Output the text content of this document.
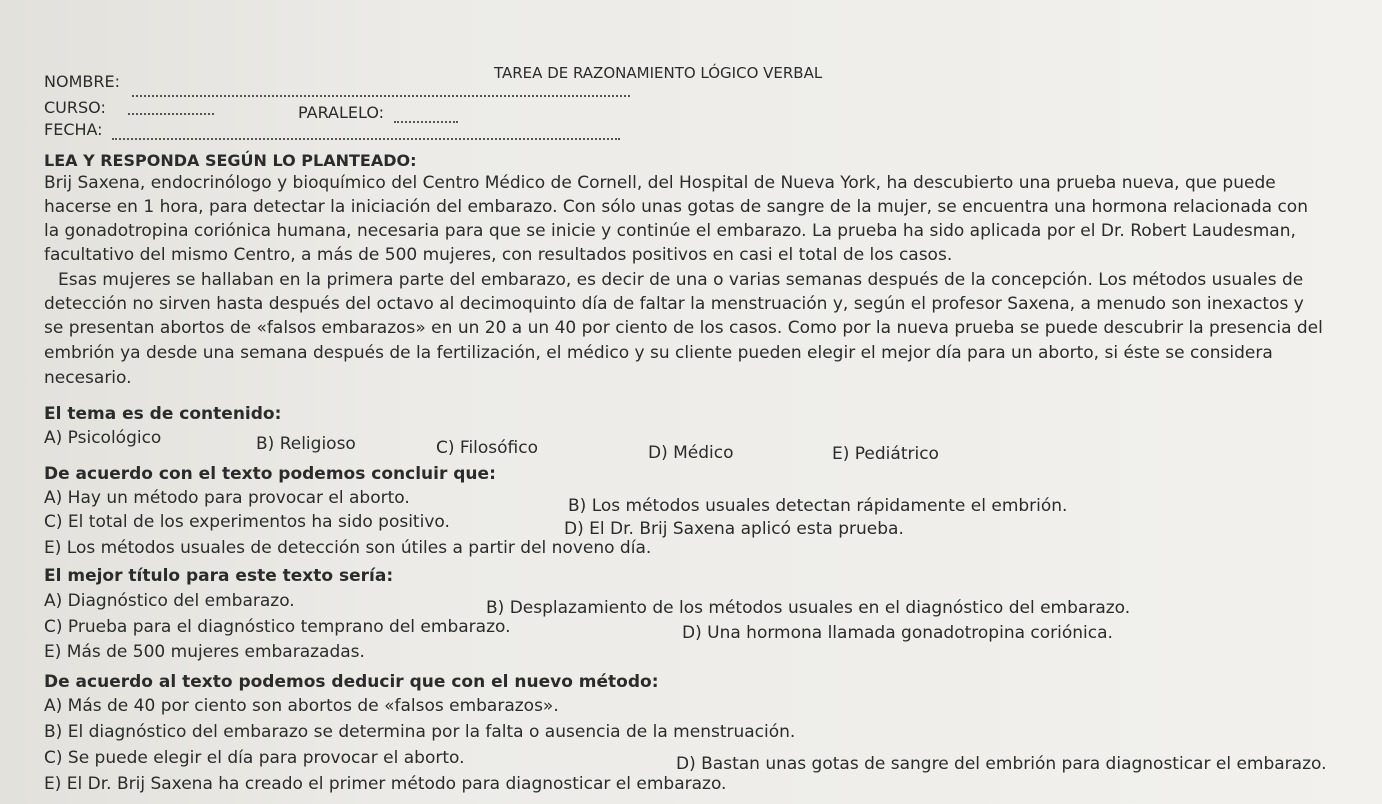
TAREA DE RAZONAMIENTO LÓGICO VERBAL
NOMBRE:
CURSO:	PARALELO:
FECHA:
LEA Y RESPONDA SEGÚN LO PLANTEADO:
Brij Saxena, endocrinólogo y bioquímico del Centro Médico de Cornell, del Hospital de Nueva York, ha descubierto una prueba nueva, que puede
hacerse en 1 hora, para detectar la iniciación del embarazo. Con sólo unas gotas de sangre de la mujer, se encuentra una hormona relacionada con
la gonadotropina coriónica humana, necesaria para que se inicie y continúe el embarazo. La prueba ha sido aplicada por el Dr. Robert Laudesman,
facultativo del mismo Centro, a más de 500 mujeres, con resultados positivos en casi el total de los casos.
Esas mujeres se hallaban en la primera parte del embarazo, es decir de una o varias semanas después de la concepción. Los métodos usuales de
detección no sirven hasta después del octavo al decimoquinto día de faltar la menstruación y, según el profesor Saxena, a menudo son inexactos y
se presentan abortos de «falsos embarazos» en un 20 a un 40 por ciento de los casos. Como por la nueva prueba se puede descubrir la presencia del
embrión ya desde una semana después de la fertilización, el médico y su cliente pueden elegir el mejor día para un aborto, si éste se considera
necesario.
El tema es de contenido:
A) Psicológico	B) Religioso	C) Filosófico	D) Médico	E) Pediátrico
De acuerdo con el texto podemos concluir que:
A) Hay un método para provocar el aborto.	B) Los métodos usuales detectan rápidamente el embrión.
C) El total de los experimentos ha sido positivo.	D) El Dr. Brij Saxena aplicó esta prueba.
E) Los métodos usuales de detección son útiles a partir del noveno día.
El mejor título para este texto sería:
A) Diagnóstico del embarazo.	B) Desplazamiento de los métodos usuales en el diagnóstico del embarazo.
C) Prueba para el diagnóstico temprano del embarazo.	D) Una hormona llamada gonadotropina coriónica.
E) Más de 500 mujeres embarazadas.
De acuerdo al texto podemos deducir que con el nuevo método:
A) Más de 40 por ciento son abortos de «falsos embarazos».
B) El diagnóstico del embarazo se determina por la falta o ausencia de la menstruación.
C) Se puede elegir el día para provocar el aborto.	D) Bastan unas gotas de sangre del embrión para diagnosticar el embarazo.
E) El Dr. Brij Saxena ha creado el primer método para diagnosticar el embarazo.
